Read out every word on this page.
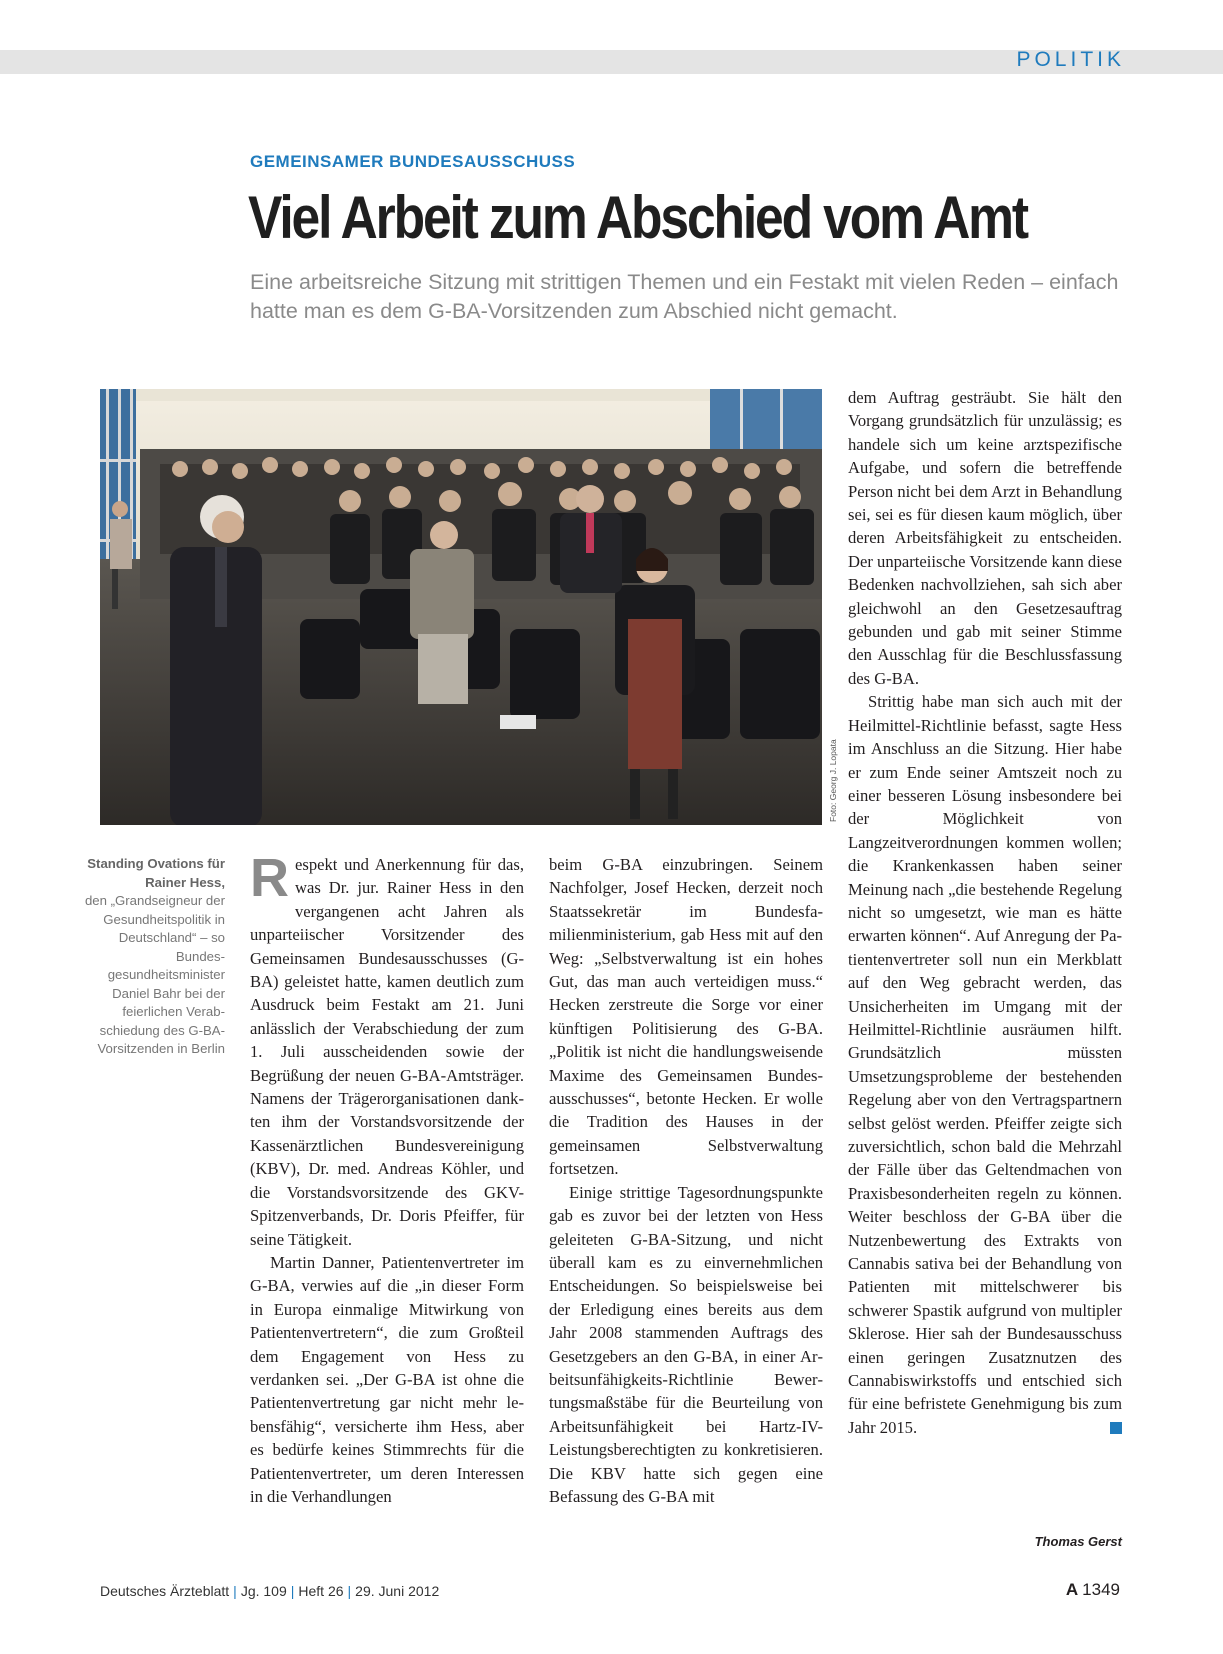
POLITIK
GEMEINSAMER BUNDESAUSSCHUSS
Viel Arbeit zum Abschied vom Amt
Eine arbeitsreiche Sitzung mit strittigen Themen und ein Festakt mit vielen Reden – einfach hatte man es dem G-BA-Vorsitzenden zum Abschied nicht gemacht.
Foto: Georg J. Lopata
Standing Ovations für Rainer Hess,
den „Grandseigneur der Gesundheitspolitik in Deutschland“ – so Bundesgesundheitsminister Daniel Bahr bei der feierlichen Verabschiedung des G-BA-Vorsitzenden in Berlin

Respekt und Anerkennung für das, was Dr. jur. Rainer Hess in den vergangenen acht Jahren als unparteiischer Vorsitzender des Gemeinsamen Bundesausschusses (G-BA) geleistet hatte, kamen deutlich zum Ausdruck beim Festakt am 21. Juni anlässlich der Verabschiedung der zum 1. Juli ausscheidenden sowie der Begrüßung der neuen G-BA-Amtsträger. Namens der Trägerorganisationen dankten ihm der Vorstandsvorsitzende der Kassenärztlichen Bundesvereinigung (KBV), Dr. med. Andreas Köhler, und die Vorstandsvorsitzende des GKV-Spitzenverbands, Dr. Doris Pfeiffer, für seine Tätigkeit.

Martin Danner, Patientenvertreter im G-BA, verwies auf die „in dieser Form in Europa einmalige Mitwirkung von Patientenvertretern“, die zum Großteil dem Engagement von Hess zu verdanken sei. „Der G-BA ist ohne die Patientenvertretung gar nicht mehr lebensfähig“, versicherte ihm Hess, aber es bedürfe keines Stimmrechts für die Patientenvertreter, um deren Interessen in die Verhandlungen

beim G-BA einzubringen. Seinem Nachfolger, Josef Hecken, derzeit noch Staatssekretär im Bundesfamilienministerium, gab Hess mit auf den Weg: „Selbstverwaltung ist ein hohes Gut, das man auch verteidigen muss.“ Hecken zerstreute die Sorge vor einer künftigen Politisierung des G-BA. „Politik ist nicht die handlungsweisende Maxime des Gemeinsamen Bundesausschusses“, betonte Hecken. Er wolle die Tradition des Hauses in der gemeinsamen Selbstverwaltung fortsetzen.

Einige strittige Tagesordnungspunkte gab es zuvor bei der letzten von Hess geleiteten G-BA-Sitzung, und nicht überall kam es zu einvernehmlichen Entscheidungen. So beispielsweise bei der Erledigung eines bereits aus dem Jahr 2008 stammenden Auftrags des Gesetzgebers an den G-BA, in einer Arbeitsunfähigkeits-Richtlinie Bewertungsmaßstäbe für die Beurteilung von Arbeitsunfähigkeit bei Hartz-IV-Leistungsberechtigten zu konkretisieren. Die KBV hatte sich gegen eine Befassung des G-BA mit

dem Auftrag gesträubt. Sie hält den Vorgang grundsätzlich für unzulässig; es handele sich um keine arztspezifische Aufgabe, und sofern die betreffende Person nicht bei dem Arzt in Behandlung sei, sei es für diesen kaum möglich, über deren Arbeitsfähigkeit zu entscheiden. Der unparteiische Vorsitzende kann diese Bedenken nachvollziehen, sah sich aber gleichwohl an den Gesetzesauftrag gebunden und gab mit seiner Stimme den Ausschlag für die Beschlussfassung des G-BA.

Strittig habe man sich auch mit der Heilmittel-Richtlinie befasst, sagte Hess im Anschluss an die Sitzung. Hier habe er zum Ende seiner Amtszeit noch zu einer besseren Lösung insbesondere bei der Möglichkeit von Langzeitverordnungen kommen wollen; die Krankenkassen haben seiner Meinung nach „die bestehende Regelung nicht so umgesetzt, wie man es hätte erwarten können“. Auf Anregung der Patientenvertreter soll nun ein Merkblatt auf den Weg gebracht werden, das Unsicherheiten im Umgang mit der Heilmittel-Richtlinie ausräumen hilft. Grundsätzlich müssten Umsetzungsprobleme der bestehenden Regelung aber von den Vertragspartnern selbst gelöst werden. Pfeiffer zeigte sich zuversichtlich, schon bald die Mehrzahl der Fälle über das Geltendmachen von Praxisbesonderheiten regeln zu können. Weiter beschloss der G-BA über die Nutzenbewertung des Extrakts von Cannabis sativa bei der Behandlung von Patienten mit mittelschwerer bis schwerer Spastik aufgrund von multipler Sklerose. Hier sah der Bundesausschuss einen geringen Zusatznutzen des Cannabiswirkstoffs und entschied sich für eine befristete Genehmigung bis zum Jahr 2015.

Thomas Gerst
Deutsches Ärzteblatt | Jg. 109 | Heft 26 | 29. Juni 2012	A 1349
